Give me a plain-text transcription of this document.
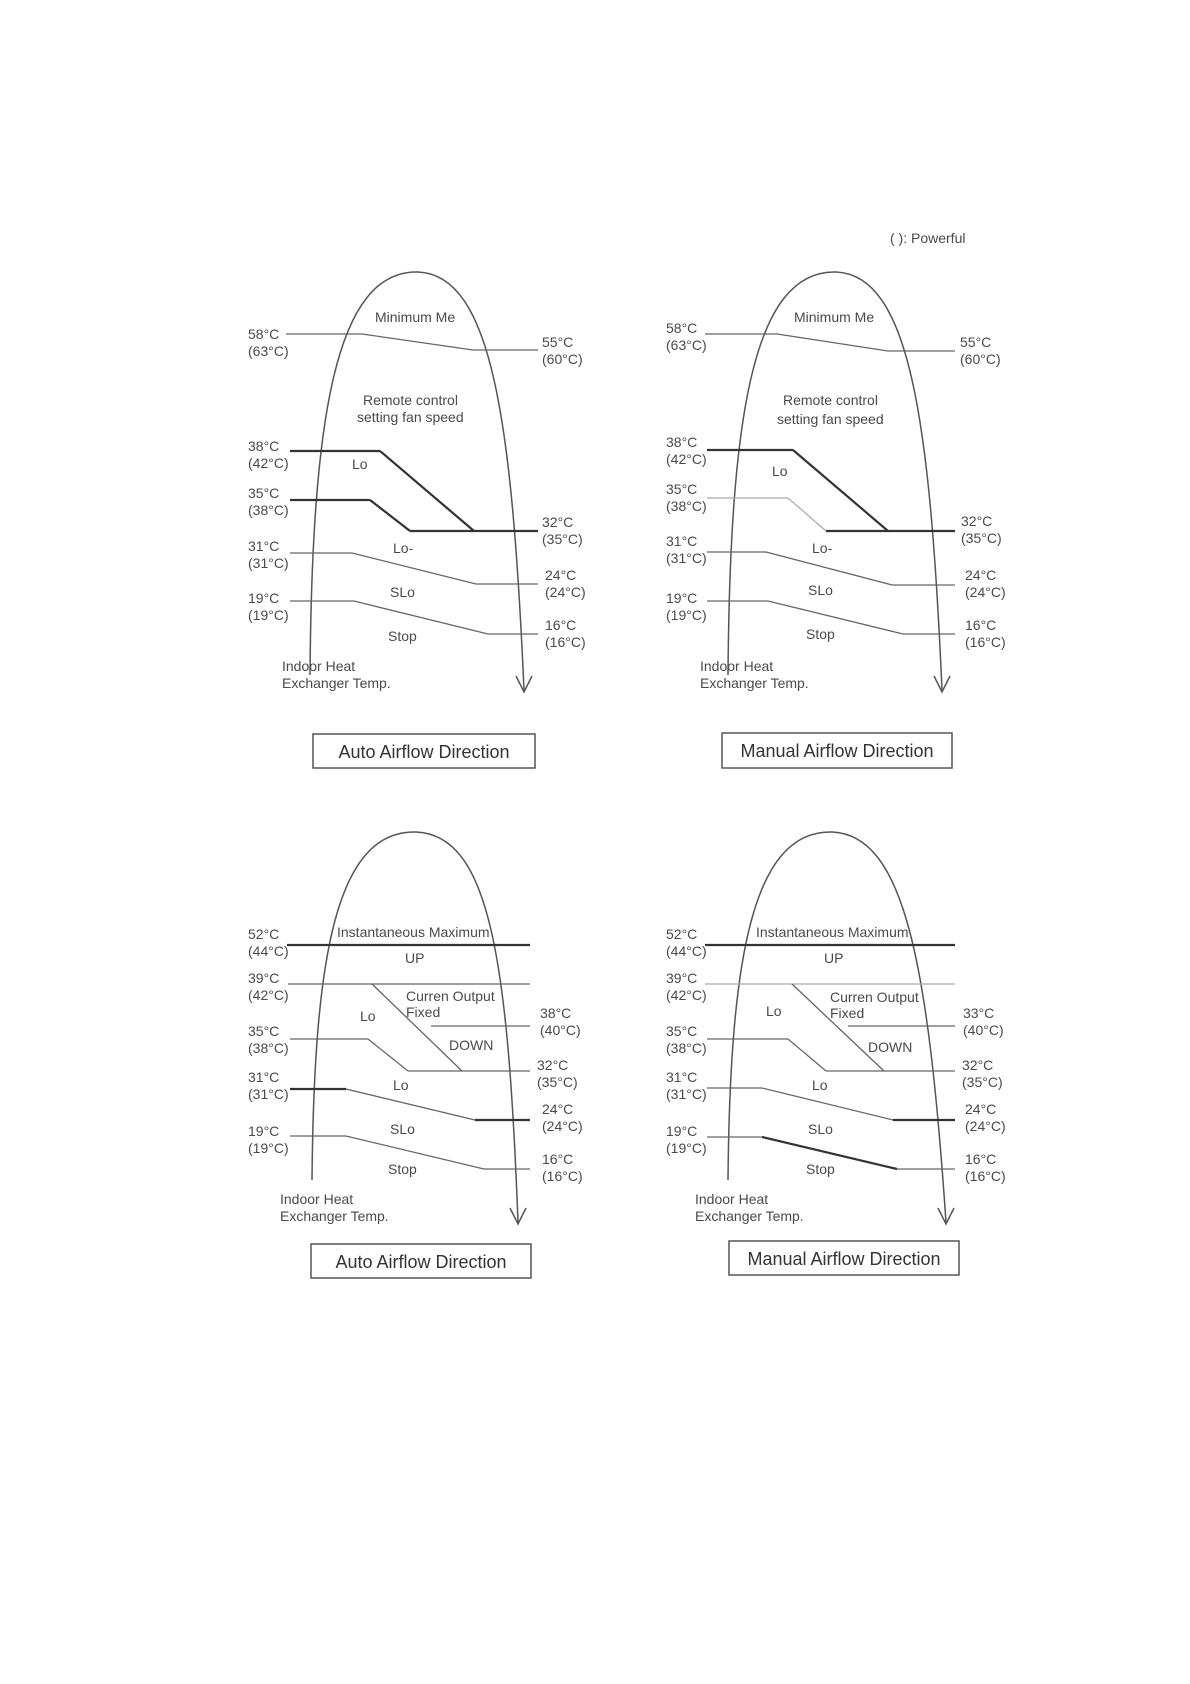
( ): Powerful
Minimum Me
Remote control
setting fan speed
Lo
Lo-
SLo
Stop
58°C
(63°C)
38°C
(42°C)
35°C
(38°C)
31°C
(31°C)
19°C
(19°C)
55°C
(60°C)
32°C
(35°C)
24°C
(24°C)
16°C
(16°C)
Indoor Heat
Exchanger Temp.
Auto Airflow Direction
Minimum Me
Remote control
setting fan speed
Lo
Lo-
SLo
Stop
58°C
(63°C)
38°C
(42°C)
35°C
(38°C)
31°C
(31°C)
19°C
(19°C)
55°C
(60°C)
32°C
(35°C)
24°C
(24°C)
16°C
(16°C)
Indoor Heat
Exchanger Temp.
Manual Airflow Direction
Instantaneous Maximum
UP
Curren Output
Fixed
Lo
DOWN
Lo
SLo
Stop
52°C
(44°C)
39°C
(42°C)
35°C
(38°C)
31°C
(31°C)
19°C
(19°C)
38°C
(40°C)
32°C
(35°C)
24°C
(24°C)
16°C
(16°C)
Indoor Heat
Exchanger Temp.
Auto Airflow Direction
Instantaneous Maximum
UP
Curren Output
Fixed
Lo
DOWN
Lo
SLo
Stop
52°C
(44°C)
39°C
(42°C)
35°C
(38°C)
31°C
(31°C)
19°C
(19°C)
33°C
(40°C)
32°C
(35°C)
24°C
(24°C)
16°C
(16°C)
Indoor Heat
Exchanger Temp.
Manual Airflow Direction
